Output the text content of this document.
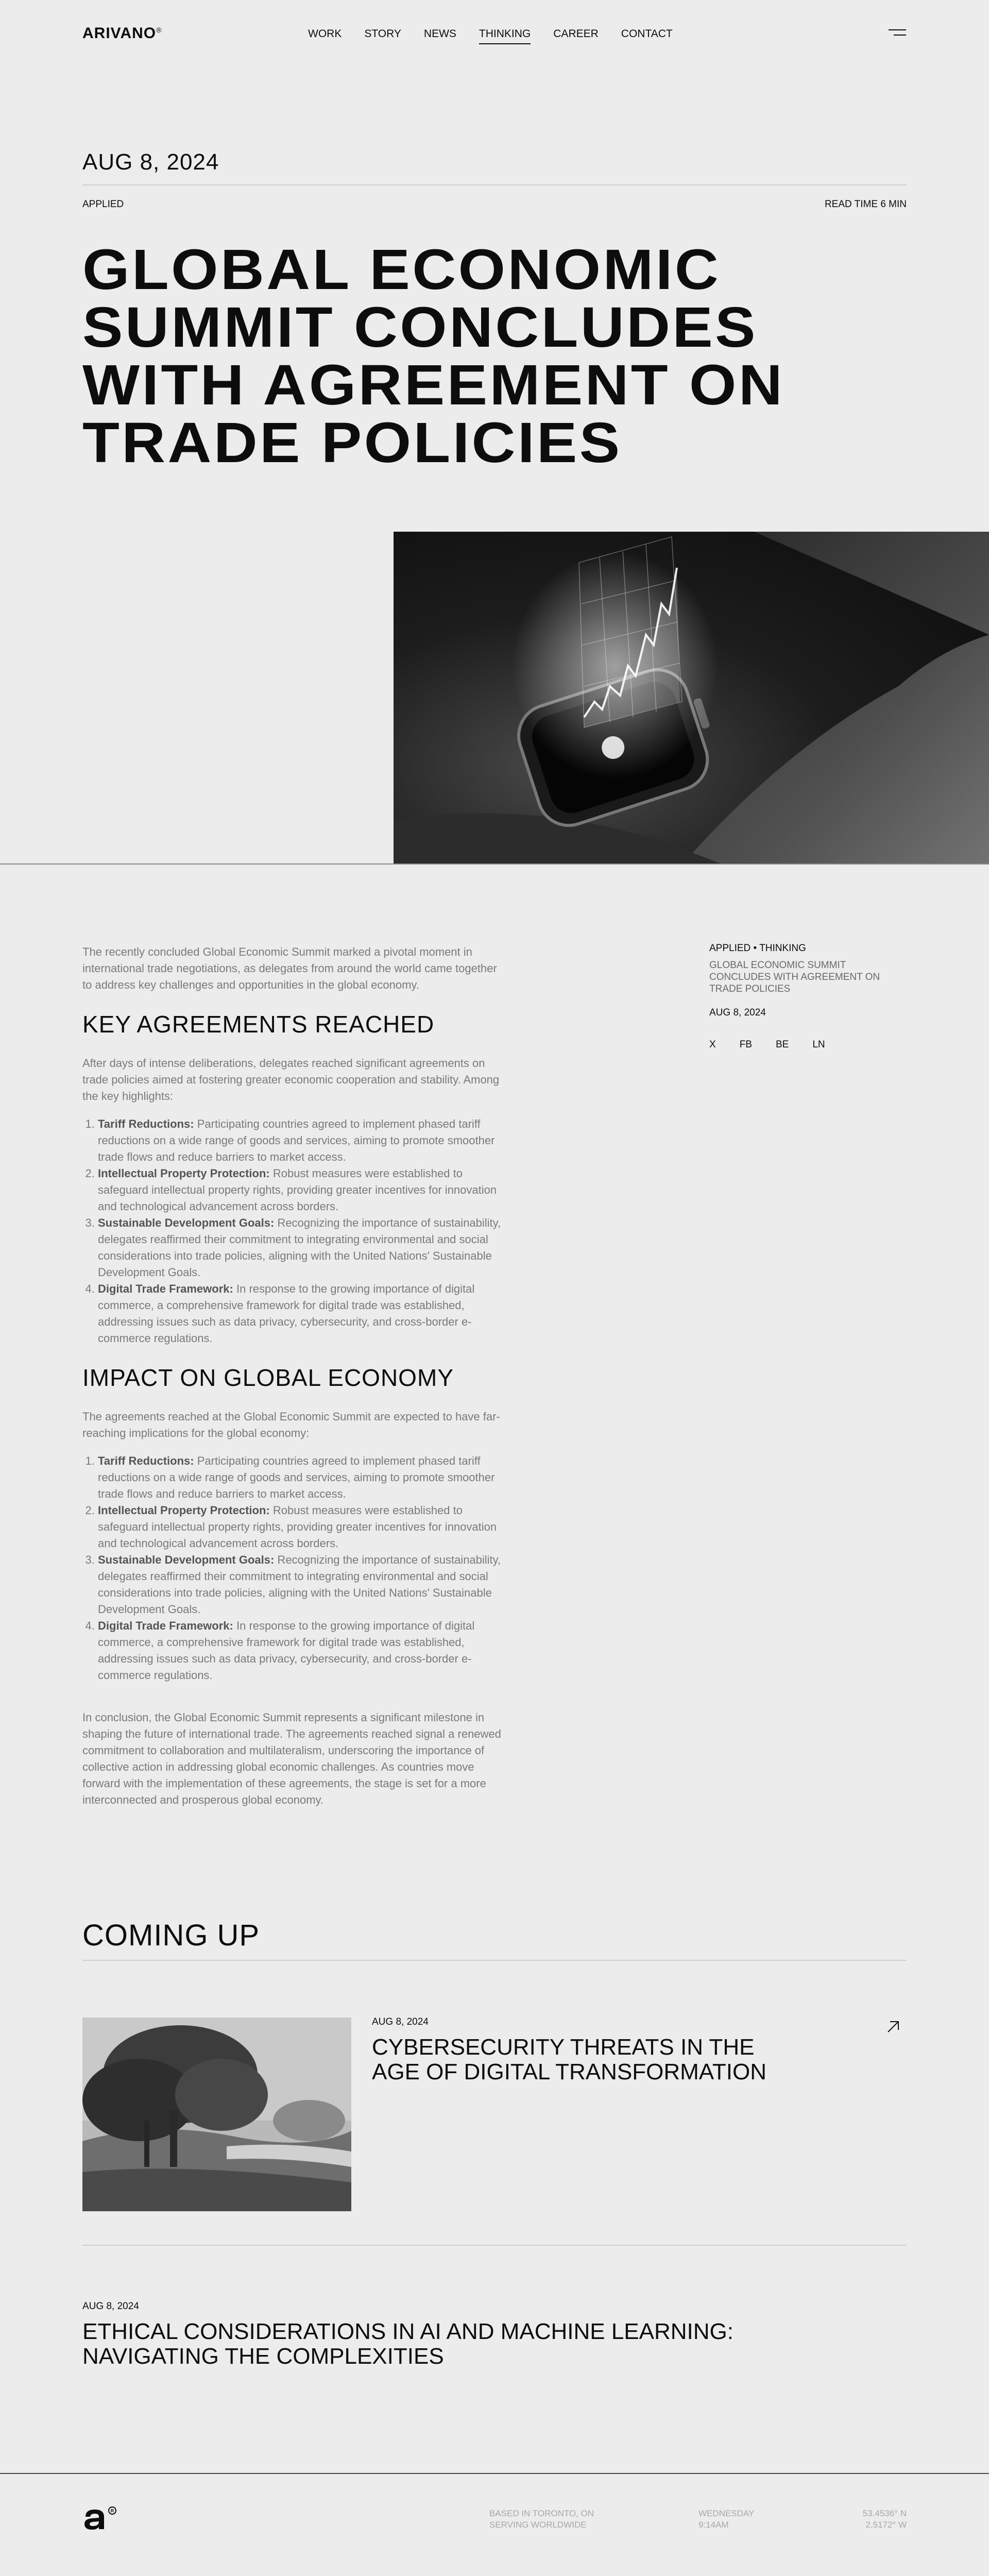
ARIVANO®	WORK STORY NEWS THINKING CAREER CONTACT
AUG 8, 2024
APPLIED	READ TIME 6 MIN
GLOBAL ECONOMIC
SUMMIT CONCLUDES
WITH AGREEMENT ON
TRADE POLICIES

The recently concluded Global Economic Summit marked a pivotal moment in international trade negotiations, as delegates from around the world came together to address key challenges and opportunities in the global economy.

KEY AGREEMENTS REACHED

After days of intense deliberations, delegates reached significant agreements on trade policies aimed at fostering greater economic cooperation and stability. Among the key highlights:

1. Tariff Reductions: Participating countries agreed to implement phased tariff reductions on a wide range of goods and services, aiming to promote smoother trade flows and reduce barriers to market access.
2. Intellectual Property Protection: Robust measures were established to safeguard intellectual property rights, providing greater incentives for innovation and technological advancement across borders.
3. Sustainable Development Goals: Recognizing the importance of sustainability, delegates reaffirmed their commitment to integrating environmental and social considerations into trade policies, aligning with the United Nations' Sustainable Development Goals.
4. Digital Trade Framework: In response to the growing importance of digital commerce, a comprehensive framework for digital trade was established, addressing issues such as data privacy, cybersecurity, and cross-border e-commerce regulations.
IMPACT ON GLOBAL ECONOMY

The agreements reached at the Global Economic Summit are expected to have far-reaching implications for the global economy:

1. Tariff Reductions: Participating countries agreed to implement phased tariff reductions on a wide range of goods and services, aiming to promote smoother trade flows and reduce barriers to market access.
2. Intellectual Property Protection: Robust measures were established to safeguard intellectual property rights, providing greater incentives for innovation and technological advancement across borders.
3. Sustainable Development Goals: Recognizing the importance of sustainability, delegates reaffirmed their commitment to integrating environmental and social considerations into trade policies, aligning with the United Nations' Sustainable Development Goals.
4. Digital Trade Framework: In response to the growing importance of digital commerce, a comprehensive framework for digital trade was established, addressing issues such as data privacy, cybersecurity, and cross-border e-commerce regulations.

In conclusion, the Global Economic Summit represents a significant milestone in shaping the future of international trade. The agreements reached signal a renewed commitment to collaboration and multilateralism, underscoring the importance of collective action in addressing global economic challenges. As countries move forward with the implementation of these agreements, the stage is set for a more interconnected and prosperous global economy.

APPLIED • THINKING
GLOBAL ECONOMIC SUMMIT CONCLUDES WITH AGREEMENT ON TRADE POLICIES
AUG 8, 2024
X FB BE LN
COMING UP
AUG 8, 2024
CYBERSECURITY THREATS IN THE AGE OF DIGITAL TRANSFORMATION
AUG 8, 2024
ETHICAL CONSIDERATIONS IN AI AND MACHINE LEARNING: NAVIGATING THE COMPLEXITIES
R	BASED IN TORONTO, ON
SERVING WORLDWIDE
WEDNESDAY
9:14AM
53.4536° N
2.5172° W
